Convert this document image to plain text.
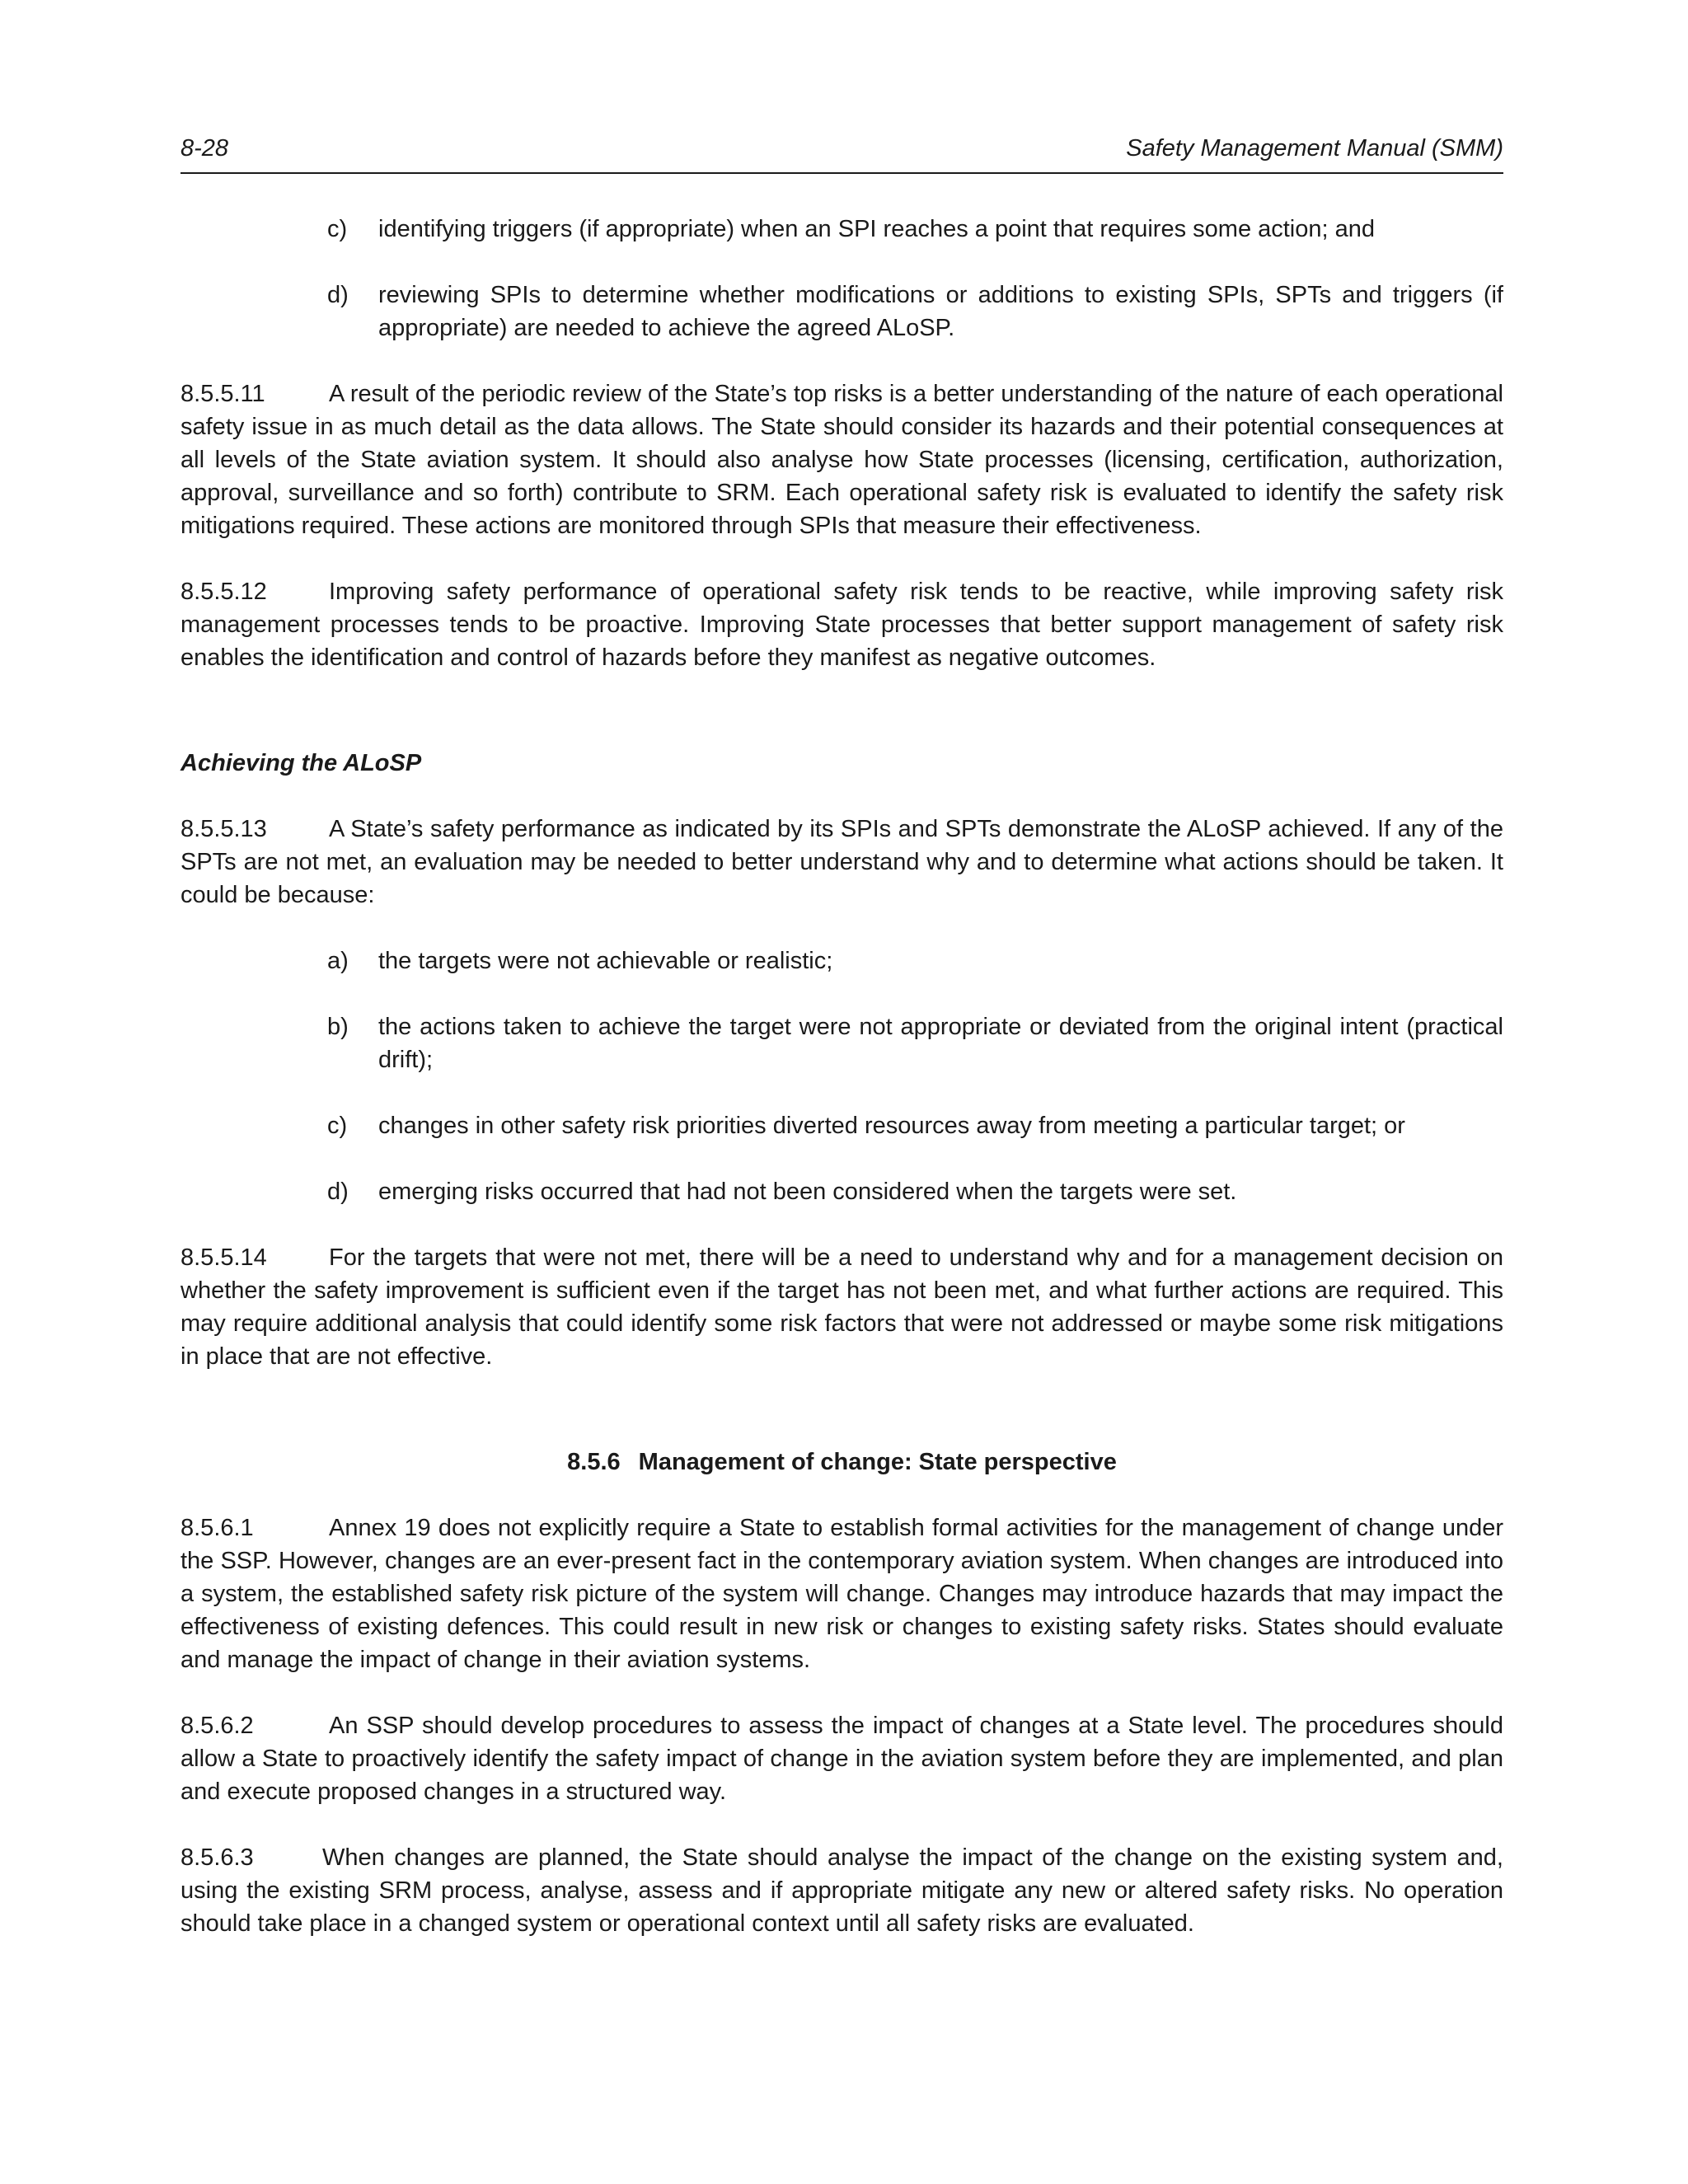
8-28	Safety Management Manual (SMM)
c) identifying triggers (if appropriate) when an SPI reaches a point that requires some action; and
d) reviewing SPIs to determine whether modifications or additions to existing SPIs, SPTs and triggers (if appropriate) are needed to achieve the agreed ALoSP.

8.5.5.11	A result of the periodic review of the State’s top risks is a better understanding of the nature of each operational safety issue in as much detail as the data allows. The State should consider its hazards and their potential consequences at all levels of the State aviation system. It should also analyse how State processes (licensing, certification, authorization, approval, surveillance and so forth) contribute to SRM. Each operational safety risk is evaluated to identify the safety risk mitigations required. These actions are monitored through SPIs that measure their effectiveness.

8.5.5.12	Improving safety performance of operational safety risk tends to be reactive, while improving safety risk management processes tends to be proactive. Improving State processes that better support management of safety risk enables the identification and control of hazards before they manifest as negative outcomes.

Achieving the ALoSP

8.5.5.13	A State’s safety performance as indicated by its SPIs and SPTs demonstrate the ALoSP achieved. If any of the SPTs are not met, an evaluation may be needed to better understand why and to determine what actions should be taken. It could be because:

a) the targets were not achievable or realistic;
b) the actions taken to achieve the target were not appropriate or deviated from the original intent (practical drift);
c) changes in other safety risk priorities diverted resources away from meeting a particular target; or
d) emerging risks occurred that had not been considered when the targets were set.

8.5.5.14	For the targets that were not met, there will be a need to understand why and for a management decision on whether the safety improvement is sufficient even if the target has not been met, and what further actions are required. This may require additional analysis that could identify some risk factors that were not addressed or maybe some risk mitigations in place that are not effective.

8.5.6 Management of change: State perspective

8.5.6.1	Annex 19 does not explicitly require a State to establish formal activities for the management of change under the SSP. However, changes are an ever-present fact in the contemporary aviation system. When changes are introduced into a system, the established safety risk picture of the system will change. Changes may introduce hazards that may impact the effectiveness of existing defences. This could result in new risk or changes to existing safety risks. States should evaluate and manage the impact of change in their aviation systems.

8.5.6.2	An SSP should develop procedures to assess the impact of changes at a State level. The procedures should allow a State to proactively identify the safety impact of change in the aviation system before they are implemented, and plan and execute proposed changes in a structured way.

8.5.6.3	When changes are planned, the State should analyse the impact of the change on the existing system and, using the existing SRM process, analyse, assess and if appropriate mitigate any new or altered safety risks. No operation should take place in a changed system or operational context until all safety risks are evaluated.
